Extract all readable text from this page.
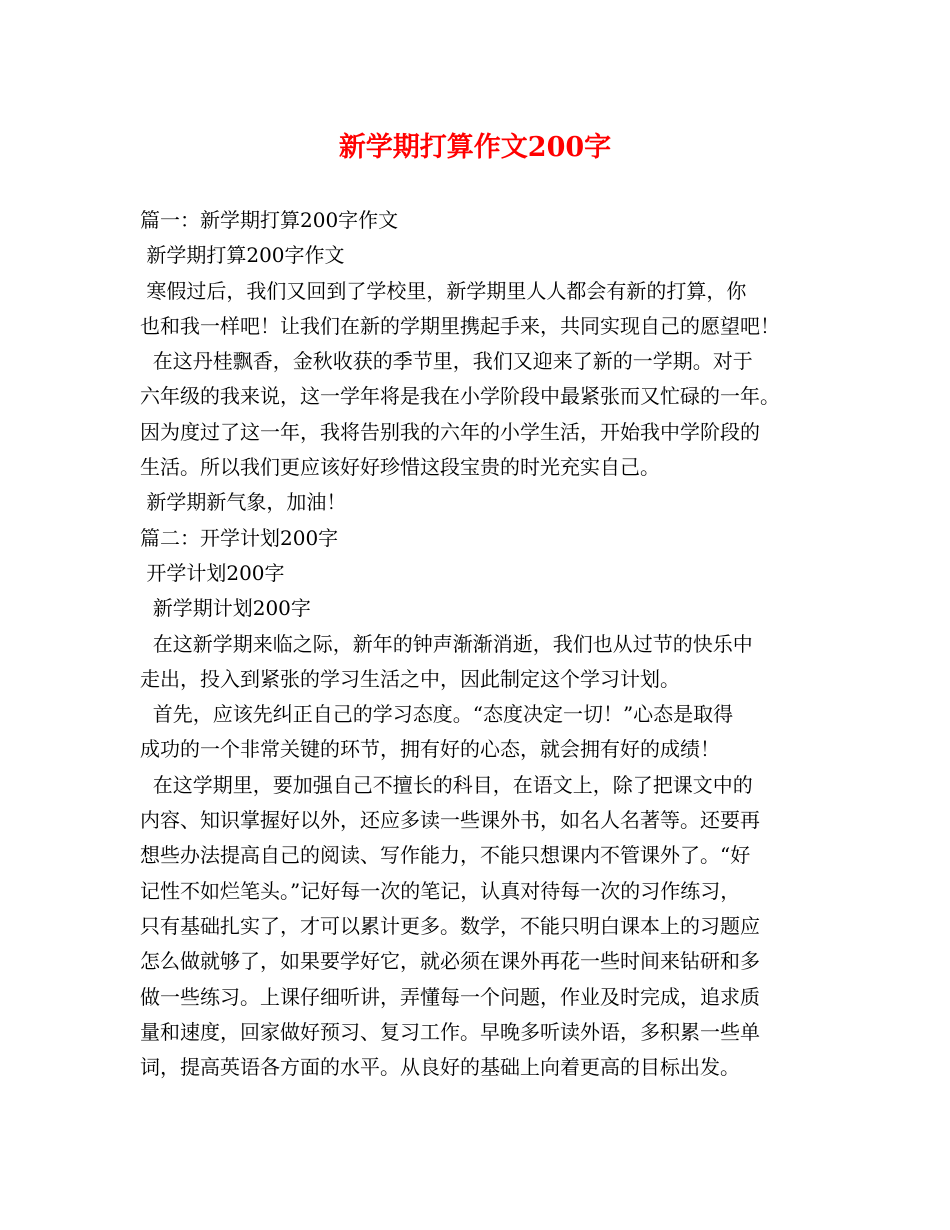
新学期打算作文200字
篇一：新学期打算200字作文
新学期打算200字作文
寒假过后，我们又回到了学校里，新学期里人人都会有新的打算，你
也和我一样吧！让我们在新的学期里携起手来，共同实现自己的愿望吧！
在这丹桂飘香，金秋收获的季节里，我们又迎来了新的一学期。对于
六年级的我来说，这一学年将是我在小学阶段中最紧张而又忙碌的一年。
因为度过了这一年，我将告别我的六年的小学生活，开始我中学阶段的
生活。所以我们更应该好好珍惜这段宝贵的时光充实自己。
新学期新气象，加油！
篇二：开学计划200字
开学计划200字
新学期计划200字
在这新学期来临之际，新年的钟声渐渐消逝，我们也从过节的快乐中
走出，投入到紧张的学习生活之中，因此制定这个学习计划。
首先，应该先纠正自己的学习态度。“态度决定一切！”心态是取得
成功的一个非常关键的环节，拥有好的心态，就会拥有好的成绩！
在这学期里，要加强自己不擅长的科目，在语文上，除了把课文中的
内容、知识掌握好以外，还应多读一些课外书，如名人名著等。还要再
想些办法提高自己的阅读、写作能力，不能只想课内不管课外了。“好
记性不如烂笔头。”记好每一次的笔记，认真对待每一次的习作练习，
只有基础扎实了，才可以累计更多。数学，不能只明白课本上的习题应
怎么做就够了，如果要学好它，就必须在课外再花一些时间来钻研和多
做一些练习。上课仔细听讲，弄懂每一个问题，作业及时完成，追求质
量和速度，回家做好预习、复习工作。早晚多听读外语，多积累一些单
词，提高英语各方面的水平。从良好的基础上向着更高的目标出发。
